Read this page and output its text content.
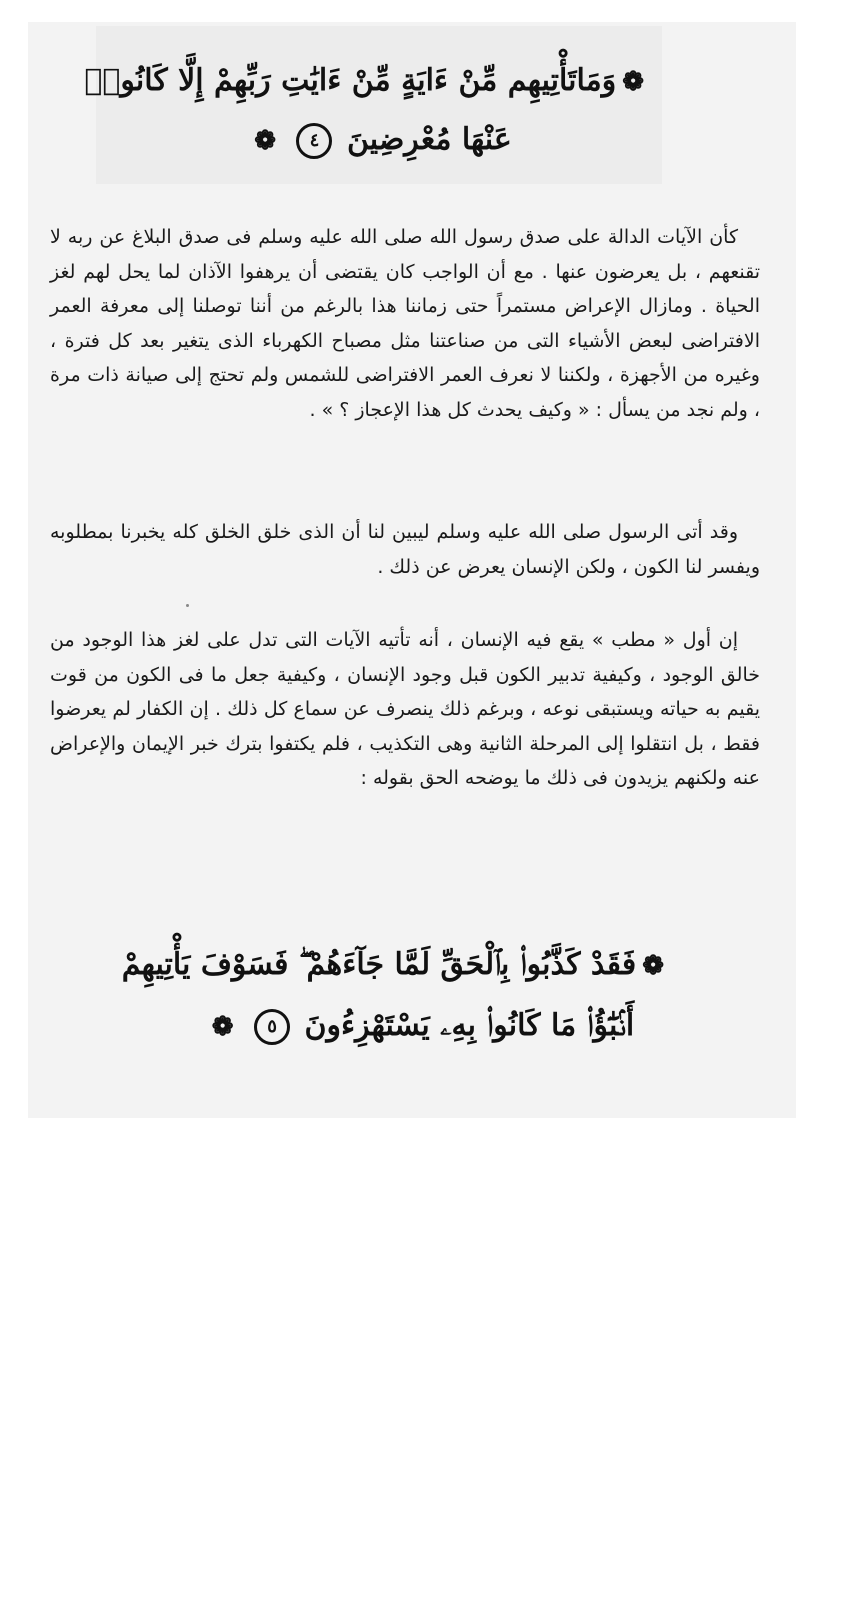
❁وَمَاتَأْتِيهِم مِّنْ ءَايَةٍ مِّنْ ءَايَٰتِ رَبِّهِمْ إِلَّا كَانُوا۟
عَنْهَا مُعْرِضِينَ ٤ ❁

كأن الآيات الدالة على صدق رسول الله صلى الله عليه وسلم فى صدق البلاغ عن ربه لا تقنعهم ، بل يعرضون عنها . مع أن الواجب كان يقتضى أن يرهفوا الآذان لما يحل لهم لغز الحياة . ومازال الإعراض مستمراً حتى زماننا هذا بالرغم من أننا توصلنا إلى معرفة العمر الافتراضى لبعض الأشياء التى من صناعتنا مثل مصباح الكهرباء الذى يتغير بعد كل فترة ، وغيره من الأجهزة ، ولكننا لا نعرف العمر الافتراضى للشمس ولم تحتج إلى صيانة ذات مرة ، ولم نجد من يسأل : « وكيف يحدث كل هذا الإعجاز ؟ » .

وقد أتى الرسول صلى الله عليه وسلم ليبين لنا أن الذى خلق الخلق كله يخبرنا بمطلوبه ويفسر لنا الكون ، ولكن الإنسان يعرض عن ذلك .

إن أول « مطب » يقع فيه الإنسان ، أنه تأتيه الآيات التى تدل على لغز هذا الوجود من خالق الوجود ، وكيفية تدبير الكون قبل وجود الإنسان ، وكيفية جعل ما فى الكون من قوت يقيم به حياته ويستبقى نوعه ، وبرغم ذلك ينصرف عن سماع كل ذلك . إن الكفار لم يعرضوا فقط ، بل انتقلوا إلى المرحلة الثانية وهى التكذيب ، فلم يكتفوا بترك خبر الإيمان والإعراض عنه ولكنهم يزيدون فى ذلك ما يوضحه الحق بقوله :

❁فَقَدْ كَذَّبُوا۟ بِٱلْحَقِّ لَمَّا جَآءَهُمْ ۖ فَسَوْفَ يَأْتِيهِمْ
أَنۢبَٰٓؤُا۟ مَا كَانُوا۟ بِهِۦ يَسْتَهْزِءُونَ ٥ ❁
